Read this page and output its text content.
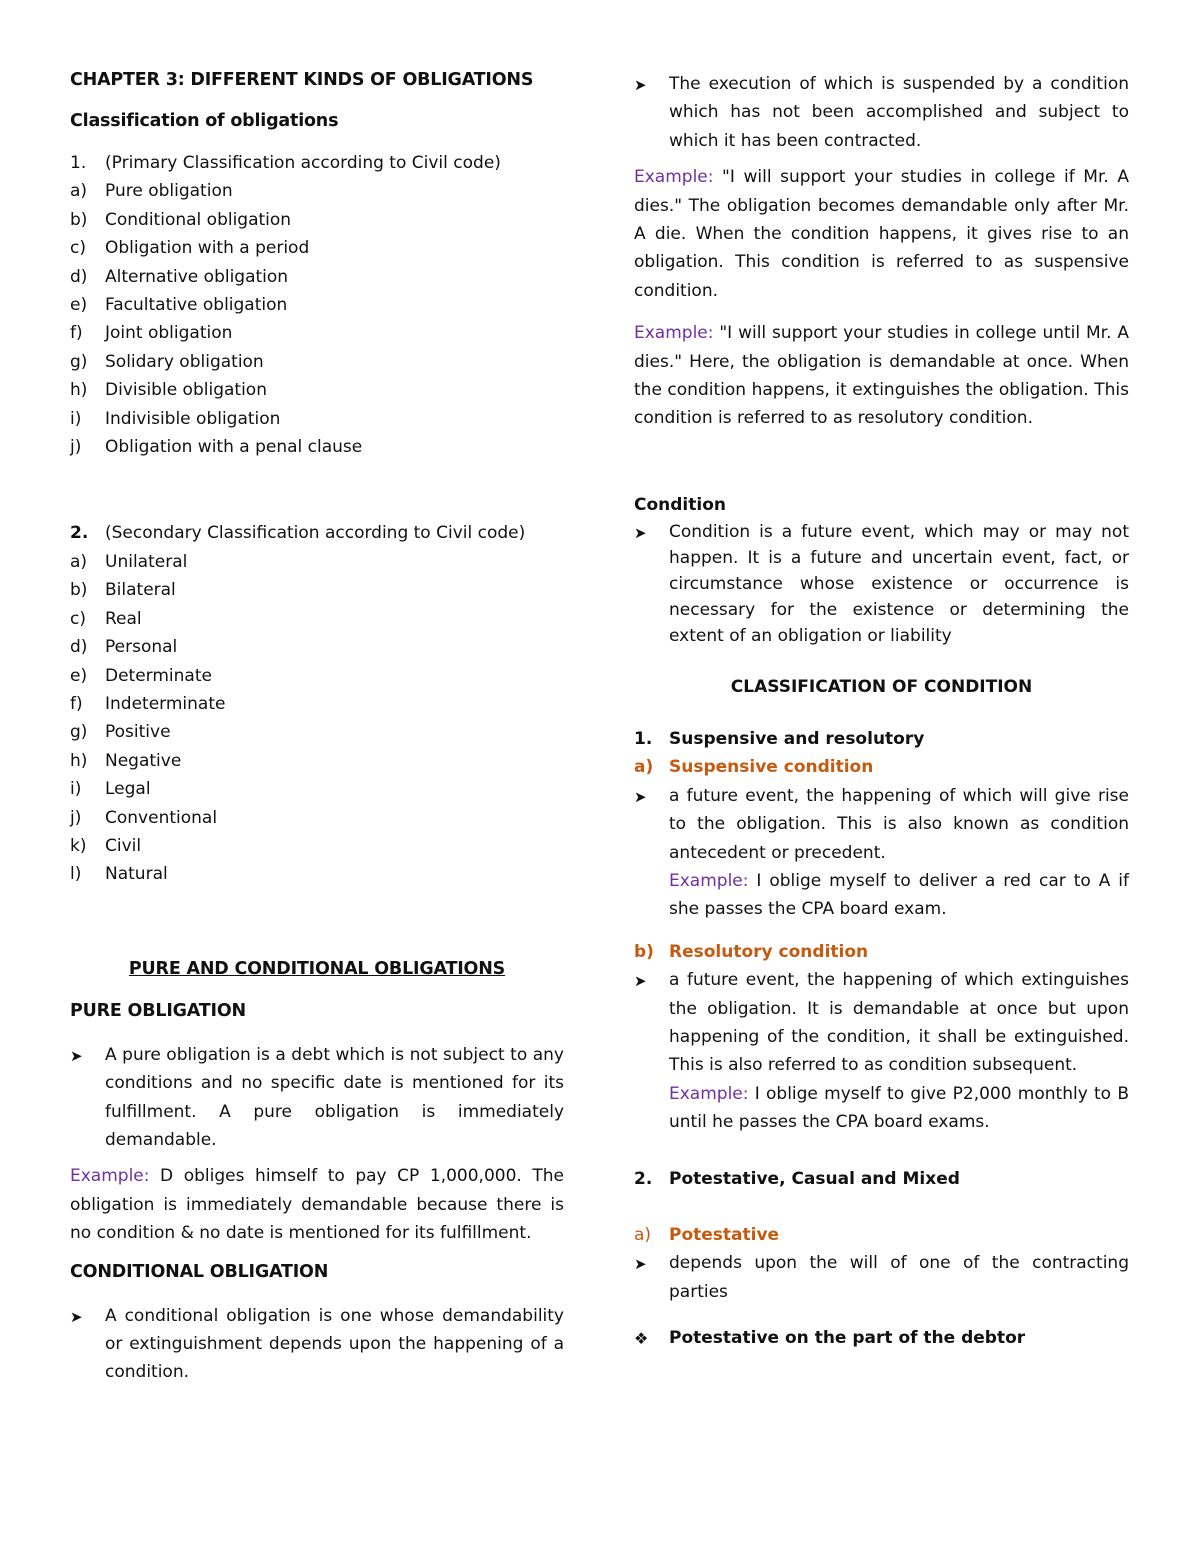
CHAPTER 3: DIFFERENT KINDS OF OBLIGATIONS
Classification of obligations
1.	(Primary Classification according to Civil code)
a)	Pure obligation
b)	Conditional obligation
c)	Obligation with a period
d)	Alternative obligation
e)	Facultative obligation
f)	Joint obligation
g)	Solidary obligation
h)	Divisible obligation
i)	Indivisible obligation
j)	Obligation with a penal clause
2. (Secondary Classification according to Civil code)
a)	Unilateral
b)	Bilateral
c)	Real
d)	Personal
e)	Determinate
f)	Indeterminate
g)	Positive
h)	Negative
i)	Legal
j)	Conventional
k)	Civil
l)	Natural
PURE AND CONDITIONAL OBLIGATIONS
PURE OBLIGATION
➤	A pure obligation is a debt which is not subject to any conditions and no specific date is mentioned for its fulfillment. A pure obligation is immediately demandable.
Example: D obliges himself to pay CP 1,000,000. The obligation is immediately demandable because there is no condition & no date is mentioned for its fulfillment.
CONDITIONAL OBLIGATION
➤	A conditional obligation is one whose demandability or extinguishment depends upon the happening of a condition.
➤	The execution of which is suspended by a condition which has not been accomplished and subject to which it has been contracted.
Example: "I will support your studies in college if Mr. A dies." The obligation becomes demandable only after Mr. A die. When the condition happens, it gives rise to an obligation. This condition is referred to as suspensive condition.
Example: "I will support your studies in college until Mr. A dies." Here, the obligation is demandable at once. When the condition happens, it extinguishes the obligation. This condition is referred to as resolutory condition.
Condition
➤	Condition is a future event, which may or may not happen. It is a future and uncertain event, fact, or circumstance whose existence or occurrence is necessary for the existence or determining the extent of an obligation or liability
CLASSIFICATION OF CONDITION
1. Suspensive and resolutory
a) Suspensive condition
➤	a future event, the happening of which will give rise to the obligation. This is also known as condition antecedent or precedent.
Example: I oblige myself to deliver a red car to A if she passes the CPA board exam.
b) Resolutory condition
➤	a future event, the happening of which extinguishes the obligation. It is demandable at once but upon happening of the condition, it shall be extinguished. This is also referred to as condition subsequent.
Example: I oblige myself to give P2,000 monthly to B until he passes the CPA board exams.
2. Potestative, Casual and Mixed
a)	Potestative
➤	depends upon the will of one of the contracting parties
❖	Potestative on the part of the debtor
